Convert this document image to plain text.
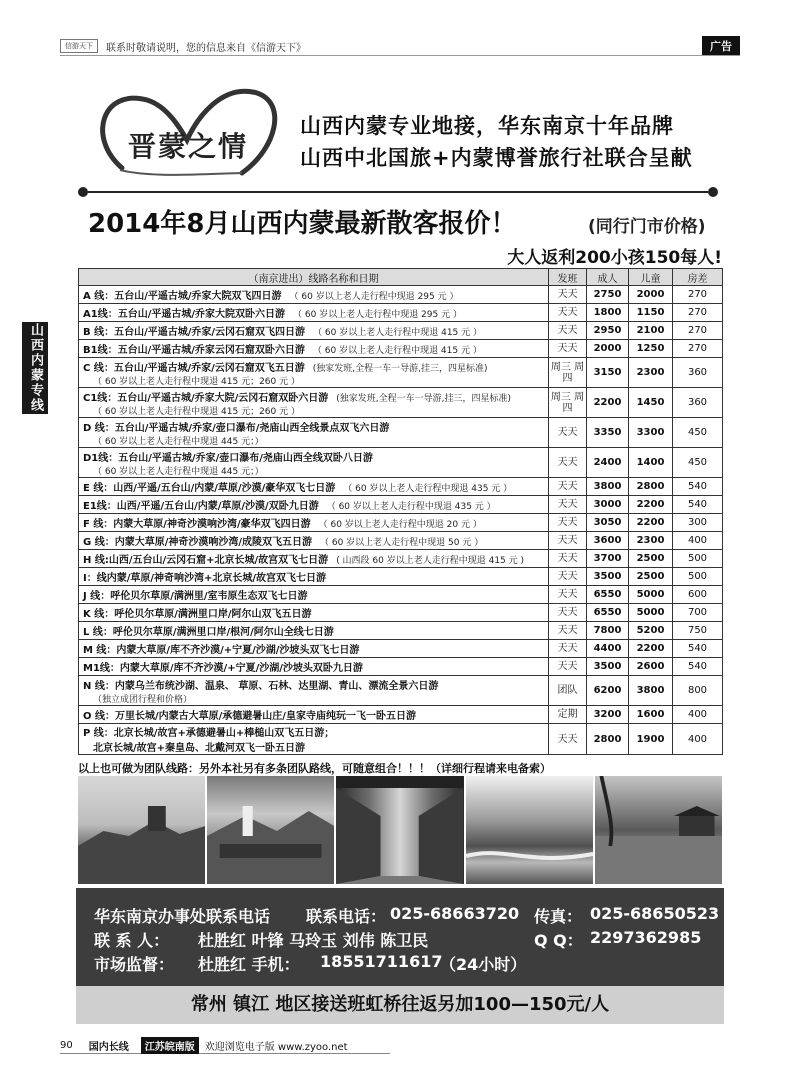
信游天下	联系时敬请说明，您的信息来自《信游天下》	广告
山西内蒙专线
晋蒙之情
山西内蒙专业地接，华东南京十年品牌
山西中北国旅+内蒙博誉旅行社联合呈献
2014年8月山西内蒙最新散客报价！	(同行门市价格)
大人返利200小孩150每人!
（南京进出）线路名称和日期	发班	成人	儿童	房差
A 线：五台山/平遥古城/乔家大院双飞四日游 （ 60 岁以上老人走行程中现退 295 元 ）	天天	2750	2000	270
A1线：五台山/平遥古城/乔家大院双卧六日游 （ 60 岁以上老人走行程中现退 295 元 ）	天天	1800	1150	270
B 线：五台山/平遥古城/乔家/云冈石窟双飞四日游 （ 60 岁以上老人走行程中现退 415 元 ）	天天	2950	2100	270
B1线：五台山/平遥古城/乔家云冈石窟双卧六日游 （ 60 岁以上老人走行程中现退 415 元 ）	天天	2000	1250	270
C 线：五台山/平遥古城/乔家/云冈石窟双飞五日游 (独家发班,全程一车一导游,挂三，四星标准)
（ 60 岁以上老人走行程中现退 415 元；260 元 ）	周三 周四	3150	2300	360
C1线：五台山/平遥古城/乔家大院/云冈石窟双卧六日游 (独家发班,全程一车一导游,挂三，四星标准)
（ 60 岁以上老人走行程中现退 415 元；260 元 ）	周三 周四	2200	1450	360
D 线：五台山/平遥古城/乔家/壶口瀑布/尧庙山西全线景点双飞六日游
（ 60 岁以上老人走行程中现退 445 元；）	天天	3350	3300	450
D1线：五台山/平遥古城/乔家/壶口瀑布/尧庙山西全线双卧八日游
（ 60 岁以上老人走行程中现退 445 元；）	天天	2400	1400	450
E 线：山西/平遥/五台山/内蒙/草原/沙漠/豪华双飞七日游 （ 60 岁以上老人走行程中现退 435 元 ）	天天	3800	2800	540
E1线：山西/平遥/五台山/内蒙/草原/沙漠/双卧九日游 （ 60 岁以上老人走行程中现退 435 元 ）	天天	3000	2200	540
F 线：内蒙大草原/神奇沙漠响沙湾/豪华双飞四日游 （ 60 岁以上老人走行程中现退 20 元 ）	天天	3050	2200	300
G 线：内蒙大草原/神奇沙漠响沙湾/成陵双飞五日游 （ 60 岁以上老人走行程中现退 50 元 ）	天天	3600	2300	400
H 线:山西/五台山/云冈石窟+北京长城/故宫双飞七日游 ( 山西段 60 岁以上老人走行程中现退 415 元 )	天天	3700	2500	500
I：线内蒙/草原/神奇响沙湾+北京长城/故宫双飞七日游	天天	3500	2500	500
J 线：呼伦贝尔草原/满洲里/室韦原生态双飞七日游	天天	6550	5000	600
K 线：呼伦贝尔草原/满洲里口岸/阿尔山双飞五日游	天天	6550	5000	700
L 线：呼伦贝尔草原/满洲里口岸/根河/阿尔山全线七日游	天天	7800	5200	750
M 线：内蒙大草原/库不齐沙漠/+宁夏/沙湖/沙坡头双飞七日游	天天	4400	2200	540
M1线：内蒙大草原/库不齐沙漠/+宁夏/沙湖/沙坡头双卧九日游	天天	3500	2600	540
N 线：内蒙乌兰布统沙湖、温泉、 草原、石林、达里湖、青山、漂流全景六日游
（独立成团行程和价格）	团队	6200	3800	800
O 线：万里长城/内蒙古大草原/承德避暑山庄/皇家寺庙纯玩一飞一卧五日游	定期	3200	1600	400
P 线：北京长城/故宫+承德避暑山+棒槌山双飞五日游；
北京长城/故宫+秦皇岛、北戴河双飞一卧五日游	天天	2800	1900	400
以上也可做为团队线路：另外本社另有多条团队路线，可随意组合！！！（详细行程请来电备索）
华东南京办事处联系电话 联系电话： 025-68663720 传真： 025-68650523
联 系 人： 杜胜红 叶锋 马玲玉 刘伟 陈卫民	Q Q： 2297362985
市场监督： 杜胜红 手机： 18551711617
（24小时）
常州 镇江 地区接送班虹桥往返另加100—150元/人
90 国内长线	江苏皖南版	欢迎浏览电子版 www.zyoo.net
